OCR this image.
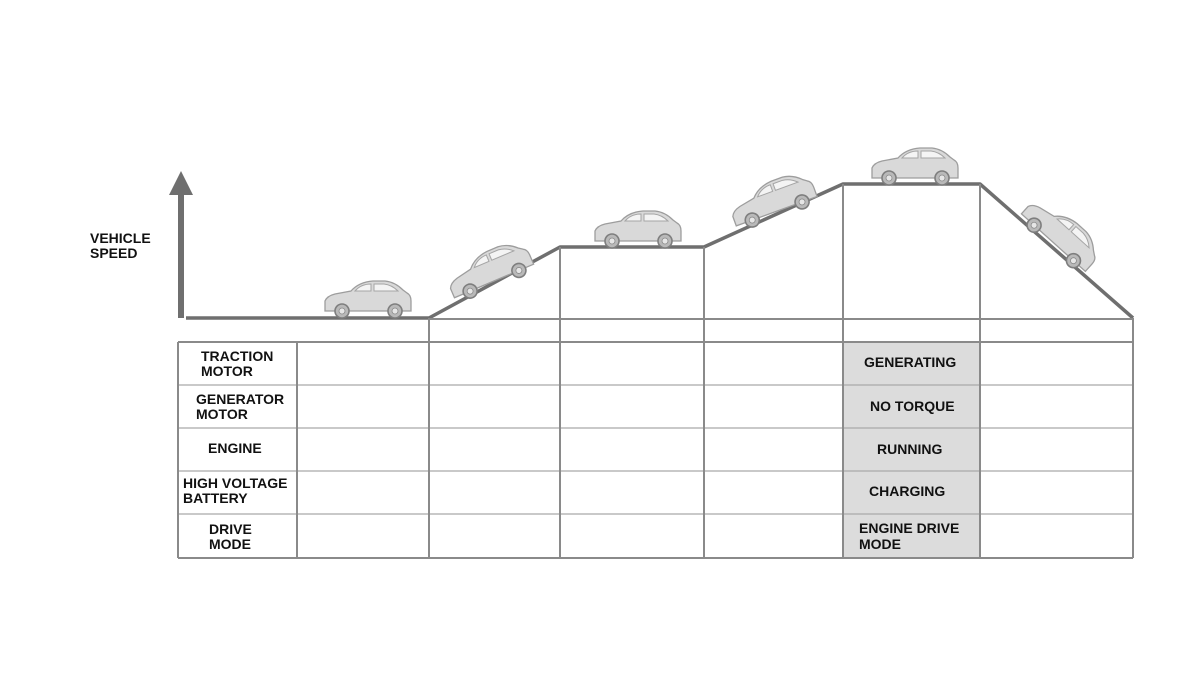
VEHICLE
SPEED
TRACTION
MOTOR
GENERATOR
MOTOR
ENGINE
HIGH VOLTAGE
BATTERY
DRIVE
MODE
GENERATING
NO TORQUE
RUNNING
CHARGING
ENGINE DRIVE
MODE
